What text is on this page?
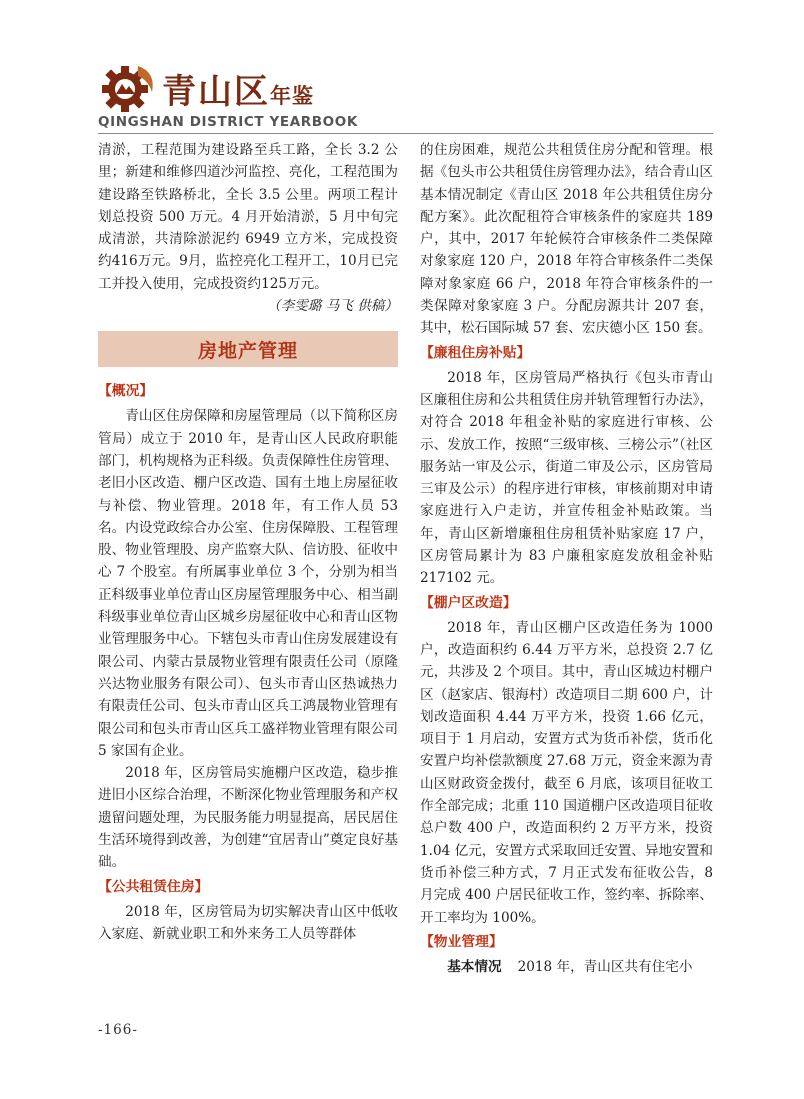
青山区年鉴
QINGSHAN DISTRICT YEARBOOK

清淤，工程范围为建设路至兵工路，全长 3.2 公里；新建和维修四道沙河监控、亮化，工程范围为建设路至铁路桥北，全长 3.5 公里。两项工程计划总投资 500 万元。4 月开始清淤，5 月中旬完成清淤，共清除淤泥约 6949 立方米，完成投资约416万元。9月，监控亮化工程开工，10月已完工并投入使用，完成投资约125万元。

（李雯璐 马飞 供稿）

房地产管理
【概况】

青山区住房保障和房屋管理局（以下简称区房管局）成立于 2010 年，是青山区人民政府职能部门，机构规格为正科级。负责保障性住房管理、老旧小区改造、棚户区改造、国有土地上房屋征收与补偿、物业管理。2018 年，有工作人员 53 名。内设党政综合办公室、住房保障股、工程管理股、物业管理股、房产监察大队、信访股、征收中心 7 个股室。有所属事业单位 3 个，分别为相当正科级事业单位青山区房屋管理服务中心、相当副科级事业单位青山区城乡房屋征收中心和青山区物业管理服务中心。下辖包头市青山住房发展建设有限公司、内蒙古景晟物业管理有限责任公司（原隆兴达物业服务有限公司）、包头市青山区热诚热力有限责任公司、包头市青山区兵工鸿晟物业管理有限公司和包头市青山区兵工盛祥物业管理有限公司 5 家国有企业。

2018 年，区房管局实施棚户区改造，稳步推进旧小区综合治理，不断深化物业管理服务和产权遗留问题处理，为民服务能力明显提高，居民居住生活环境得到改善，为创建“宜居青山”奠定良好基础。

【公共租赁住房】

2018 年，区房管局为切实解决青山区中低收入家庭、新就业职工和外来务工人员等群体

的住房困难，规范公共租赁住房分配和管理。根据《包头市公共租赁住房管理办法》，结合青山区基本情况制定《青山区 2018 年公共租赁住房分配方案》。此次配租符合审核条件的家庭共 189 户，其中，2017 年轮候符合审核条件二类保障对象家庭 120 户，2018 年符合审核条件二类保障对象家庭 66 户，2018 年符合审核条件的一类保障对象家庭 3 户。分配房源共计 207 套，其中，松石国际城 57 套、宏庆德小区 150 套。

【廉租住房补贴】

2018 年，区房管局严格执行《包头市青山区廉租住房和公共租赁住房并轨管理暂行办法》，对符合 2018 年租金补贴的家庭进行审核、公示、发放工作，按照“三级审核、三榜公示”（社区服务站一审及公示，街道二审及公示，区房管局三审及公示）的程序进行审核，审核前期对申请家庭进行入户走访，并宣传租金补贴政策。当年，青山区新增廉租住房租赁补贴家庭 17 户，区房管局累计为 83 户廉租家庭发放租金补贴 217102 元。

【棚户区改造】

2018 年，青山区棚户区改造任务为 1000 户，改造面积约 6.44 万平方米，总投资 2.7 亿元，共涉及 2 个项目。其中，青山区城边村棚户区（赵家店、银海村）改造项目二期 600 户，计划改造面积 4.44 万平方米，投资 1.66 亿元，项目于 1 月启动，安置方式为货币补偿，货币化安置户均补偿款额度 27.68 万元，资金来源为青山区财政资金拨付，截至 6 月底，该项目征收工作全部完成；北重 110 国道棚户区改造项目征收总户数 400 户，改造面积约 2 万平方米，投资 1.04 亿元，安置方式采取回迁安置、异地安置和货币补偿三种方式，7 月正式发布征收公告，8 月完成 400 户居民征收工作，签约率、拆除率、开工率均为 100%。

【物业管理】

基本情况 2018 年，青山区共有住宅小

-166-
